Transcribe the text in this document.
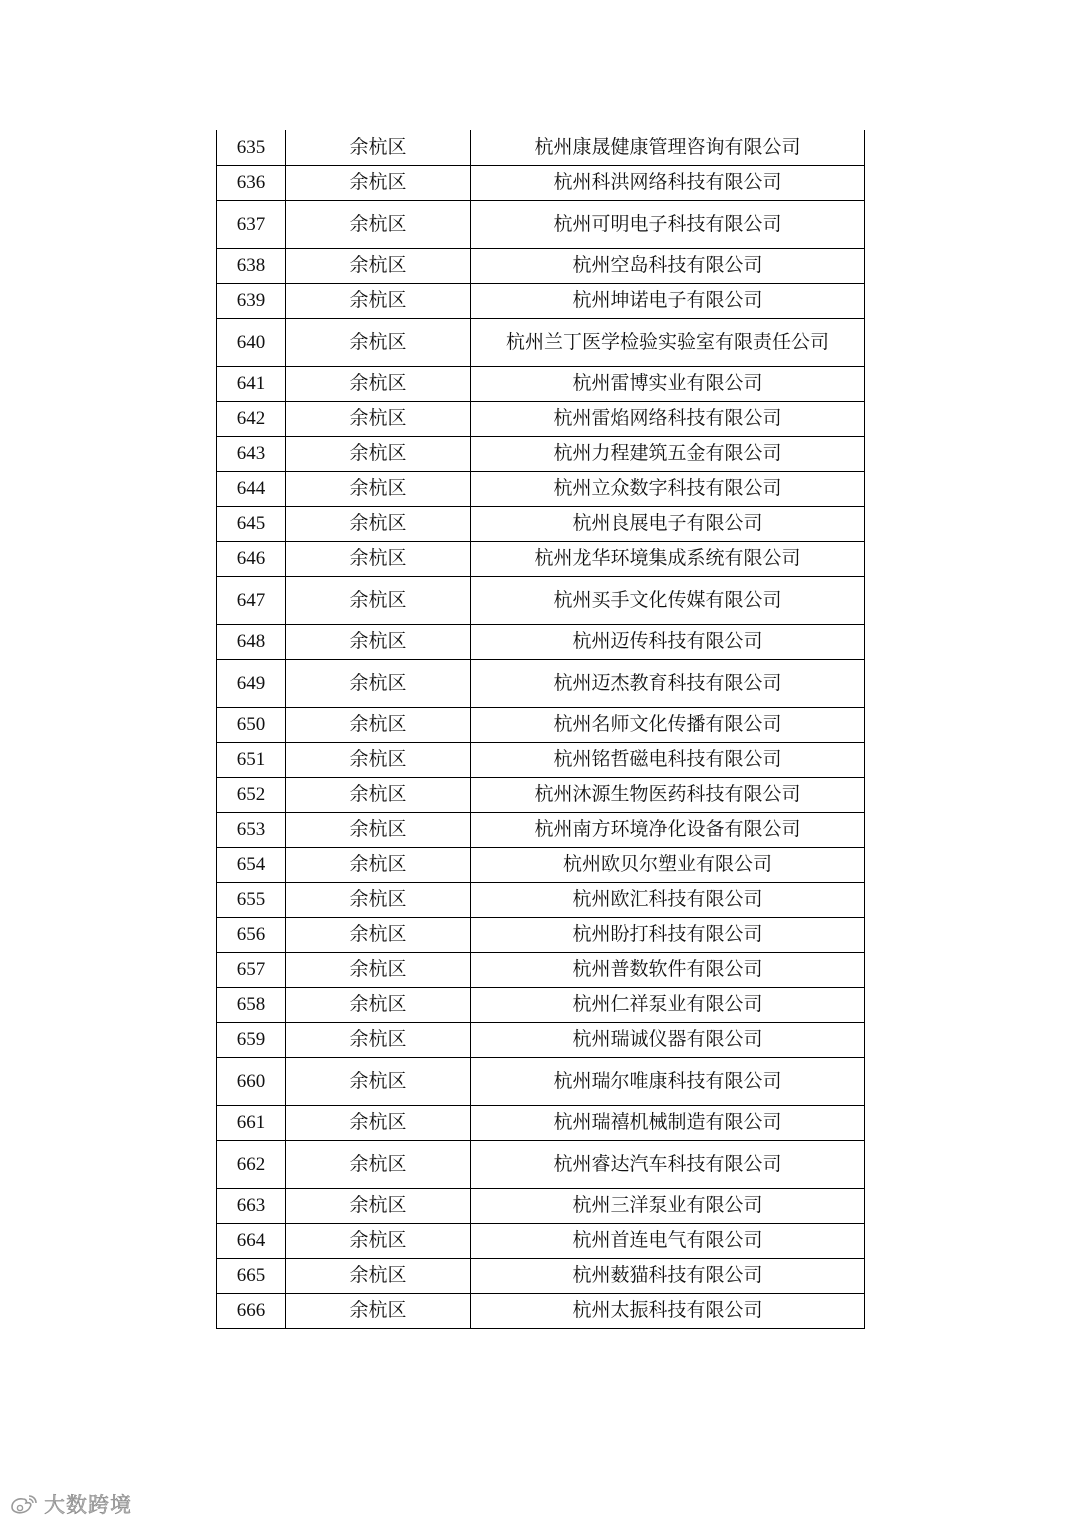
635	余杭区	杭州康晟健康管理咨询有限公司
636	余杭区	杭州科洪网络科技有限公司
637	余杭区	杭州可明电子科技有限公司
638	余杭区	杭州空岛科技有限公司
639	余杭区	杭州坤诺电子有限公司
640	余杭区	杭州兰丁医学检验实验室有限责任公司
641	余杭区	杭州雷博实业有限公司
642	余杭区	杭州雷焰网络科技有限公司
643	余杭区	杭州力程建筑五金有限公司
644	余杭区	杭州立众数字科技有限公司
645	余杭区	杭州良展电子有限公司
646	余杭区	杭州龙华环境集成系统有限公司
647	余杭区	杭州买手文化传媒有限公司
648	余杭区	杭州迈传科技有限公司
649	余杭区	杭州迈杰教育科技有限公司
650	余杭区	杭州名师文化传播有限公司
651	余杭区	杭州铭哲磁电科技有限公司
652	余杭区	杭州沐源生物医药科技有限公司
653	余杭区	杭州南方环境净化设备有限公司
654	余杭区	杭州欧贝尔塑业有限公司
655	余杭区	杭州欧汇科技有限公司
656	余杭区	杭州盼打科技有限公司
657	余杭区	杭州普数软件有限公司
658	余杭区	杭州仁祥泵业有限公司
659	余杭区	杭州瑞诚仪器有限公司
660	余杭区	杭州瑞尔唯康科技有限公司
661	余杭区	杭州瑞禧机械制造有限公司
662	余杭区	杭州睿达汽车科技有限公司
663	余杭区	杭州三洋泵业有限公司
664	余杭区	杭州首连电气有限公司
665	余杭区	杭州薮猫科技有限公司
666	余杭区	杭州太振科技有限公司
大数跨境
